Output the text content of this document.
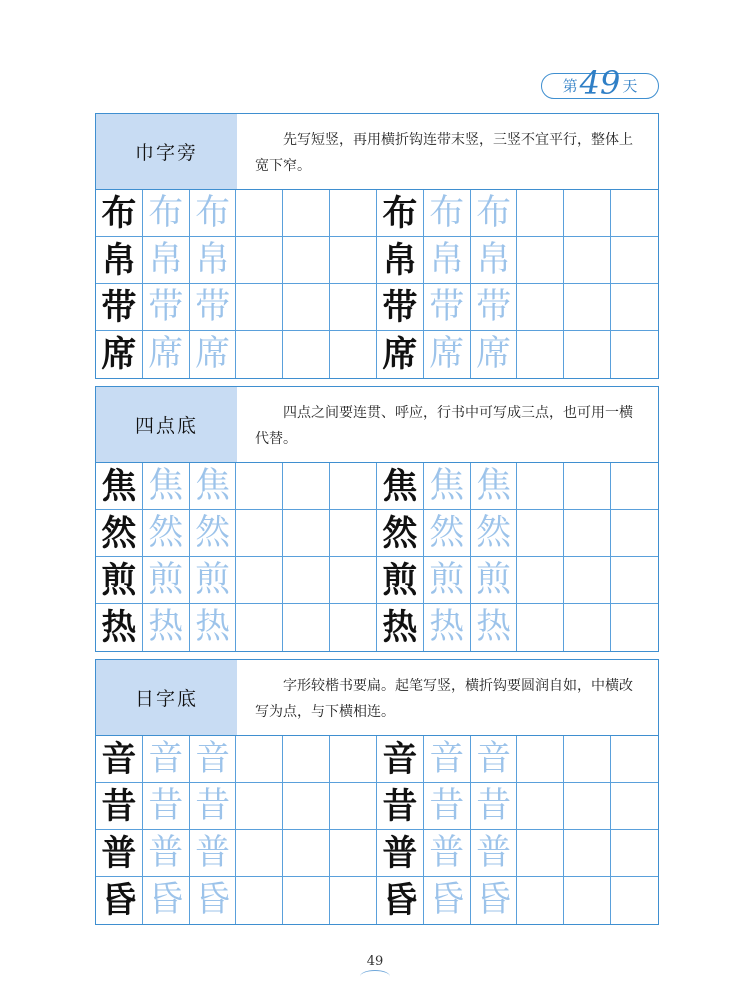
第 49 天
巾字旁
先写短竖，再用横折钩连带末竖，三竖不宜平行，整体上宽下窄。
布 布 布	布 布 布
帛 帛 帛	帛 帛 帛
带 带 带	带 带 带
席 席 席	席 席 席
四点底
四点之间要连贯、呼应，行书中可写成三点，也可用一横代替。
焦 焦 焦	焦 焦 焦
然 然 然	然 然 然
煎 煎 煎	煎 煎 煎
热 热 热	热 热 热
日字底
字形较楷书要扁。起笔写竖，横折钩要圆润自如，中横改写为点，与下横相连。
音 音 音	音 音 音
昔 昔 昔	昔 昔 昔
普 普 普	普 普 普
昏 昏 昏	昏 昏 昏
49
